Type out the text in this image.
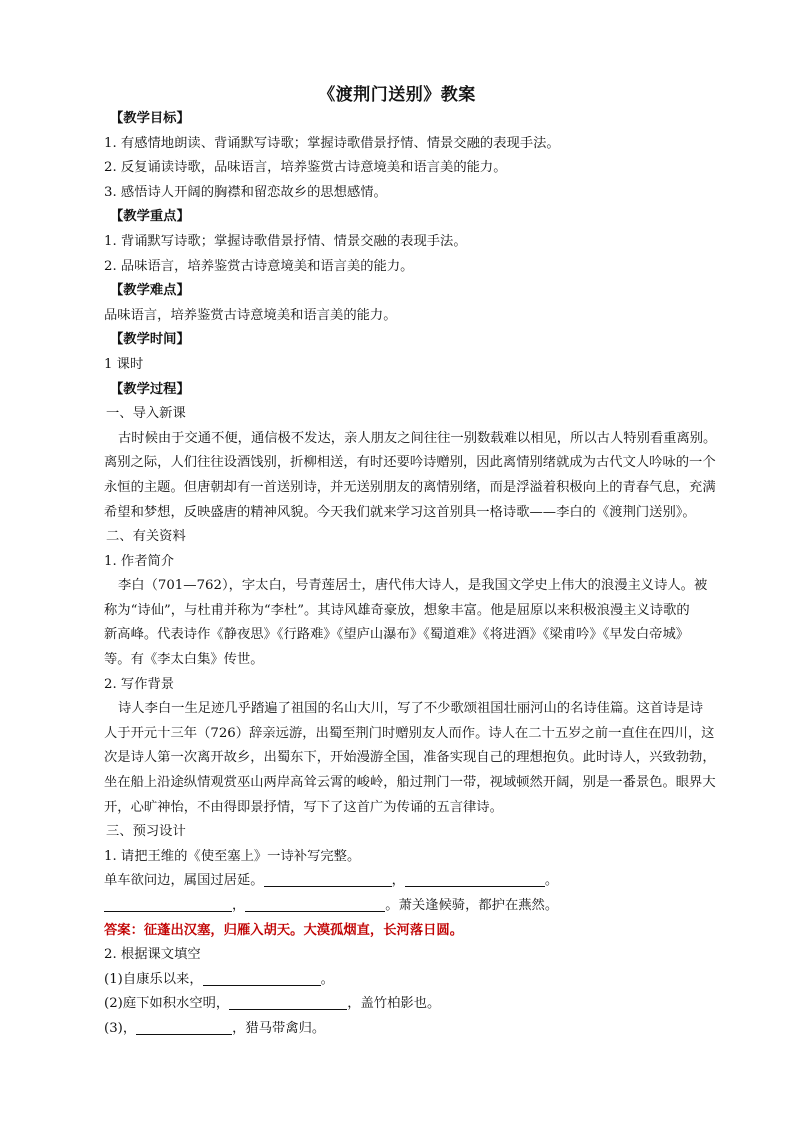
《渡荆门送别》教案
【教学目标】
1. 有感情地朗读、背诵默写诗歌；掌握诗歌借景抒情、情景交融的表现手法。
2. 反复诵读诗歌，品味语言，培养鉴赏古诗意境美和语言美的能力。
3. 感悟诗人开阔的胸襟和留恋故乡的思想感情。
【教学重点】
1. 背诵默写诗歌；掌握诗歌借景抒情、情景交融的表现手法。
2. 品味语言，培养鉴赏古诗意境美和语言美的能力。
【教学难点】
品味语言，培养鉴赏古诗意境美和语言美的能力。
【教学时间】
1 课时
【教学过程】
一、导入新课
古时候由于交通不便，通信极不发达，亲人朋友之间往往一别数载难以相见，所以古人特别看重离别。
离别之际，人们往往设酒饯别，折柳相送，有时还要吟诗赠别，因此离情别绪就成为古代文人吟咏的一个
永恒的主题。但唐朝却有一首送别诗，并无送别朋友的离情别绪，而是浮溢着积极向上的青春气息，充满
希望和梦想，反映盛唐的精神风貌。今天我们就来学习这首别具一格诗歌——李白的《渡荆门送别》。
二、有关资料
1. 作者简介
李白（701—762），字太白，号青莲居士，唐代伟大诗人，是我国文学史上伟大的浪漫主义诗人。被
称为“诗仙”，与杜甫并称为“李杜”。其诗风雄奇豪放，想象丰富。他是屈原以来积极浪漫主义诗歌的
新高峰。代表诗作《静夜思》《行路难》《望庐山瀑布》《蜀道难》《将进酒》《梁甫吟》《早发白帝城》
等。有《李太白集》传世。
2. 写作背景
诗人李白一生足迹几乎踏遍了祖国的名山大川，写了不少歌颂祖国壮丽河山的名诗佳篇。这首诗是诗
人于开元十三年（726）辞亲远游，出蜀至荆门时赠别友人而作。诗人在二十五岁之前一直住在四川，这
次是诗人第一次离开故乡，出蜀东下，开始漫游全国，准备实现自己的理想抱负。此时诗人，兴致勃勃，
坐在船上沿途纵情观赏巫山两岸高耸云霄的峻岭，船过荆门一带，视域顿然开阔，别是一番景色。眼界大
开，心旷神怡，不由得即景抒情，写下了这首广为传诵的五言律诗。
三、预习设计
1. 请把王维的《使至塞上》一诗补写完整。
单车欲问边，属国过居延。	，	。
，	。萧关逢候骑，都护在燕然。
答案：征蓬出汉塞，归雁入胡天。大漠孤烟直，长河落日圆。
2. 根据课文填空
(1)自康乐以来，	。
(2)庭下如积水空明，	，盖竹柏影也。
(3)，	，猎马带禽归。
